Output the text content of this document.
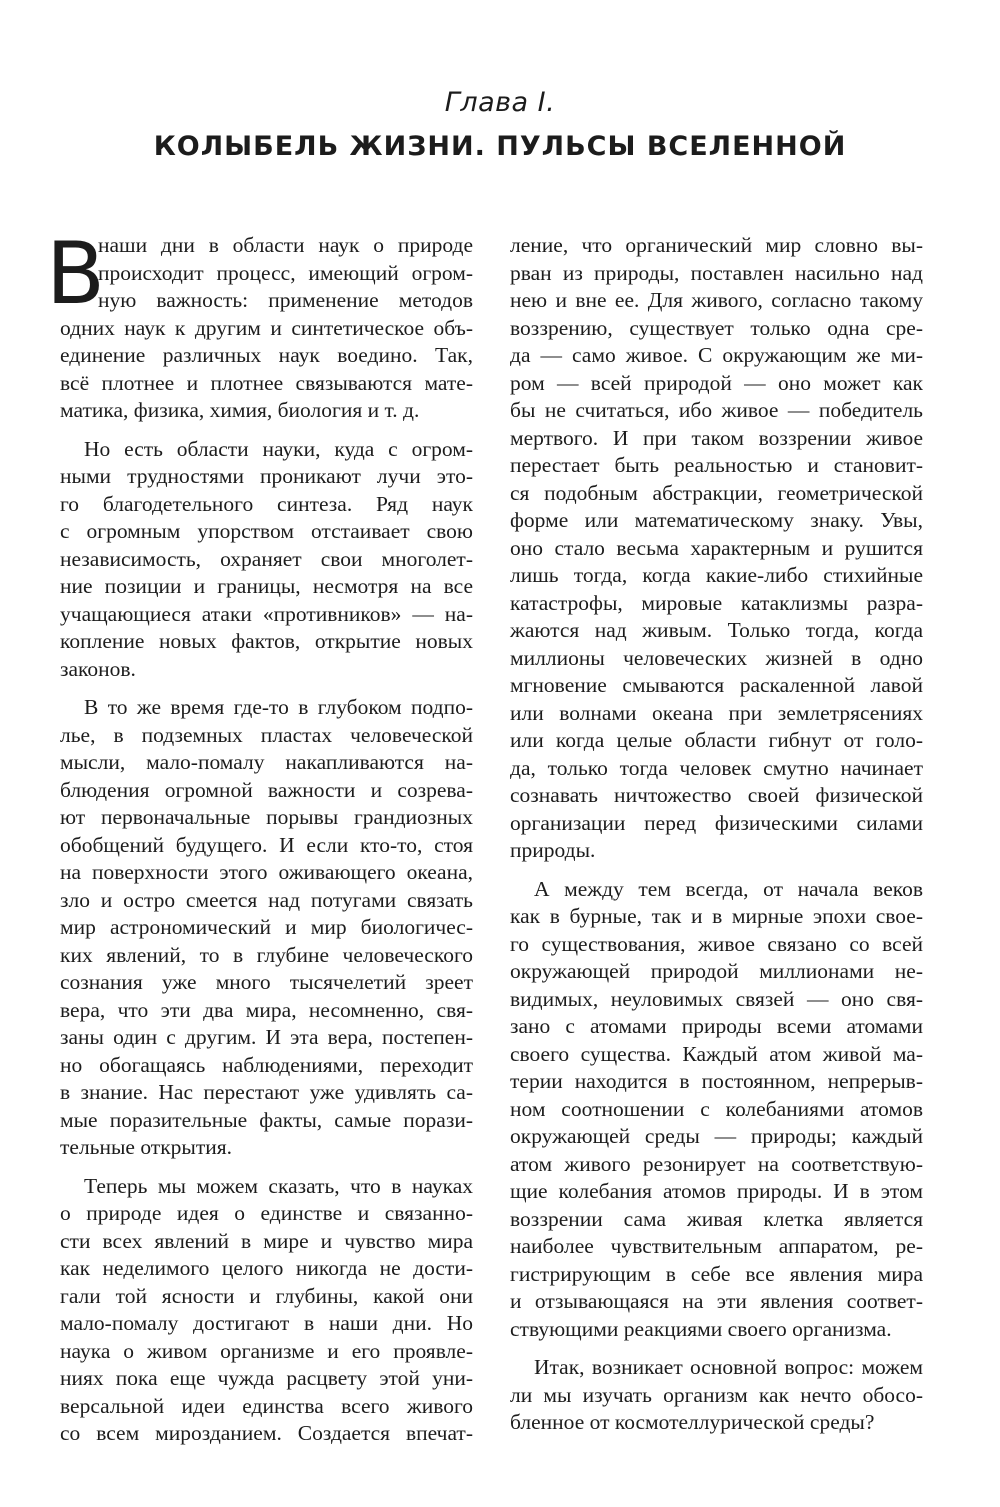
Глава I.
КОЛЫБЕЛЬ ЖИЗНИ. ПУЛЬСЫ ВСЕЛЕННОЙ
В
наши дни в области наук о природе
происходит процесс, имеющий огром-
ную важность: применение методов
одних наук к другим и синтетическое объ-
единение различных наук воедино. Так,
всё плотнее и плотнее связываются мате-
матика, физика, химия, биология и т. д.
Но есть области науки, куда с огром-
ными трудностями проникают лучи это-
го благодетельного синтеза. Ряд наук
с огромным упорством отстаивает свою
независимость, охраняет свои многолет-
ние позиции и границы, несмотря на все
учащающиеся атаки «противников» — на-
копление новых фактов, открытие новых
законов.
В то же время где-то в глубоком подпо-
лье, в подземных пластах человеческой
мысли, мало-помалу накапливаются на-
блюдения огромной важности и созрева-
ют первоначальные порывы грандиозных
обобщений будущего. И если кто-то, стоя
на поверхности этого оживающего океана,
зло и остро смеется над потугами связать
мир астрономический и мир биологичес-
ких явлений, то в глубине человеческого
сознания уже много тысячелетий зреет
вера, что эти два мира, несомненно, свя-
заны один с другим. И эта вера, постепен-
но обогащаясь наблюдениями, переходит
в знание. Нас перестают уже удивлять са-
мые поразительные факты, самые порази-
тельные открытия.
Теперь мы можем сказать, что в науках
о природе идея о единстве и связанно-
сти всех явлений в мире и чувство мира
как неделимого целого никогда не дости-
гали той ясности и глубины, какой они
мало-помалу достигают в наши дни. Но
наука о живом организме и его проявле-
ниях пока еще чужда расцвету этой уни-
версальной идеи единства всего живого
со всем мирозданием. Создается впечат-
ление, что органический мир словно вы-
рван из природы, поставлен насильно над
нею и вне ее. Для живого, согласно такому
воззрению, существует только одна сре-
да — само живое. С окружающим же ми-
ром — всей природой — оно может как
бы не считаться, ибо живое — победитель
мертвого. И при таком воззрении живое
перестает быть реальностью и становит-
ся подобным абстракции, геометрической
форме или математическому знаку. Увы,
оно стало весьма характерным и рушится
лишь тогда, когда какие-либо стихийные
катастрофы, мировые катаклизмы разра-
жаются над живым. Только тогда, когда
миллионы человеческих жизней в одно
мгновение смываются раскаленной лавой
или волнами океана при землетрясениях
или когда целые области гибнут от голо-
да, только тогда человек смутно начинает
сознавать ничтожество своей физической
организации перед физическими силами
природы.
А между тем всегда, от начала веков
как в бурные, так и в мирные эпохи свое-
го существования, живое связано со всей
окружающей природой миллионами не-
видимых, неуловимых связей — оно свя-
зано с атомами природы всеми атомами
своего существа. Каждый атом живой ма-
терии находится в постоянном, непрерыв-
ном соотношении с колебаниями атомов
окружающей среды — природы; каждый
атом живого резонирует на соответствую-
щие колебания атомов природы. И в этом
воззрении сама живая клетка является
наиболее чувствительным аппаратом, ре-
гистрирующим в себе все явления мира
и отзывающаяся на эти явления соответ-
ствующими реакциями своего организма.
Итак, возникает основной вопрос: можем
ли мы изучать организм как нечто обосо-
бленное от космотеллурической среды?
